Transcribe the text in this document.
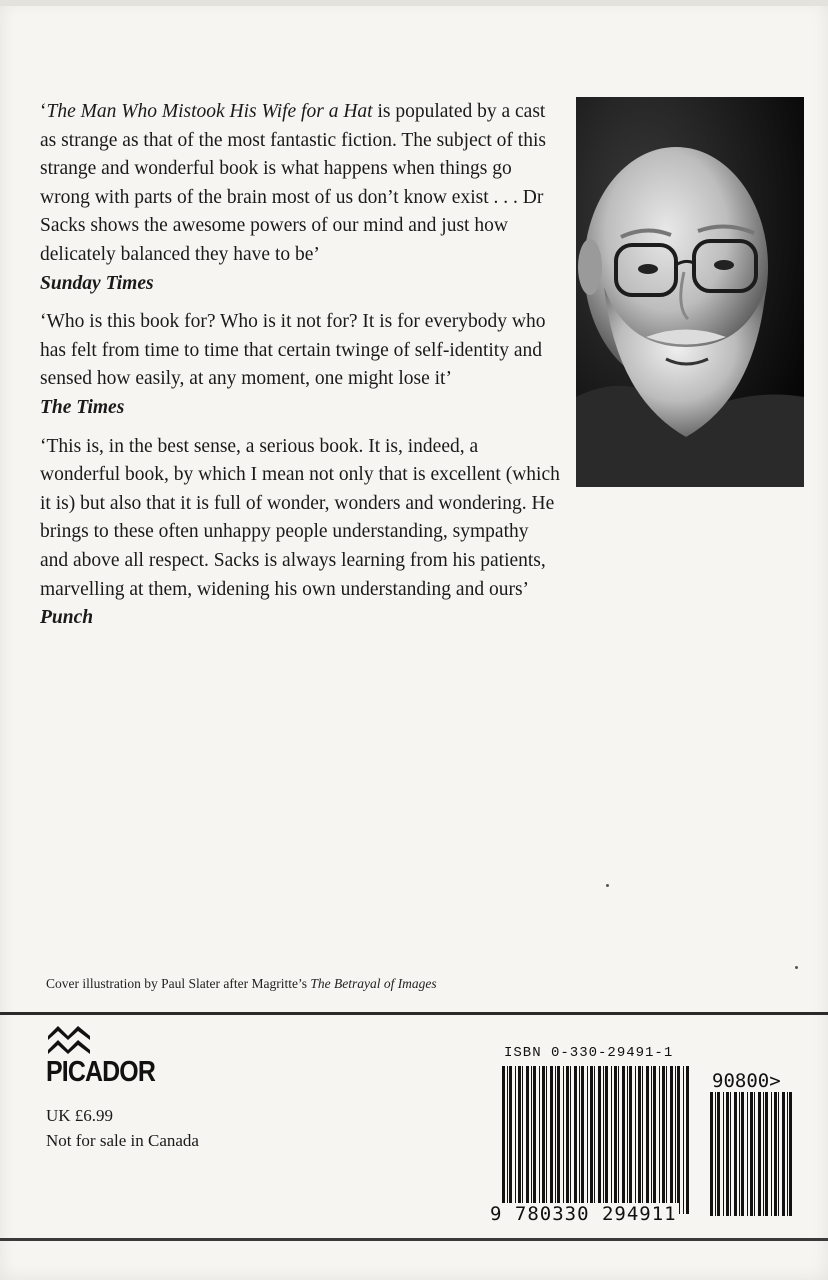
‘The Man Who Mistook His Wife for a Hat is populated by a cast as strange as that of the most fantastic fiction. The subject of this strange and wonderful book is what happens when things go wrong with parts of the brain most of us don’t know exist . . . Dr Sacks shows the awesome powers of our mind and just how delicately balanced they have to be’

Sunday Times

‘Who is this book for? Who is it not for? It is for everybody who has felt from time to time that certain twinge of self-identity and sensed how easily, at any moment, one might lose it’

The Times

‘This is, in the best sense, a serious book. It is, indeed, a wonderful book, by which I mean not only that is excellent (which it is) but also that it is full of wonder, wonders and wondering. He brings to these often unhappy people understanding, sympathy and above all respect. Sacks is always learning from his patients, marvelling at them, widening his own understanding and ours’

Punch
Cover illustration by Paul Slater after Magritte’s The Betrayal of Images
PICADOR
UK £6.99
Not for sale in Canada
ISBN 0-330-29491-1
9 780330 294911
90800>
